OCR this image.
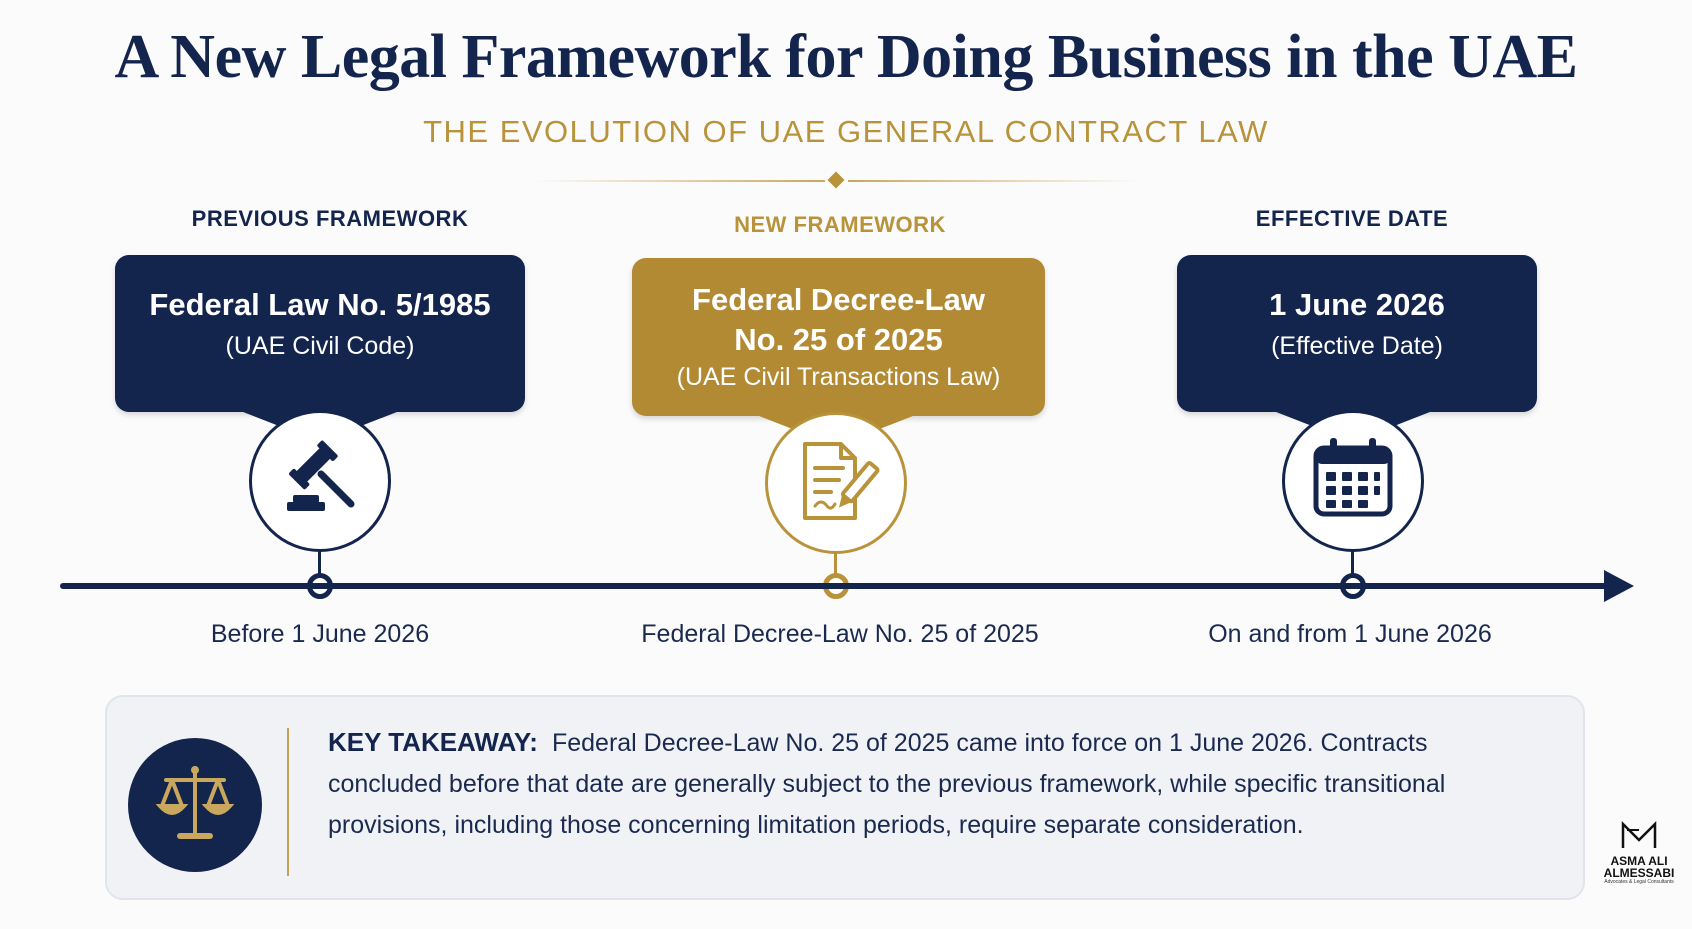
A New Legal Framework for Doing Business in the UAE
THE EVOLUTION OF UAE GENERAL CONTRACT LAW
PREVIOUS FRAMEWORK
Federal Law No. 5/1985
(UAE Civil Code)
Before 1 June 2026
NEW FRAMEWORK
Federal Decree-Law
No. 25 of 2025
(UAE Civil Transactions Law)
Federal Decree-Law No. 25 of 2025
EFFECTIVE DATE
1 June 2026
(Effective Date)
On and from 1 June 2026
KEY TAKEAWAY: Federal Decree-Law No. 25 of 2025 came into force on 1 June 2026. Contracts concluded before that date are generally subject to the previous framework, while specific transitional provisions, including those concerning limitation periods, require separate consideration.
ASMA ALI
ALMESSABI
Advocates & Legal Consultants
